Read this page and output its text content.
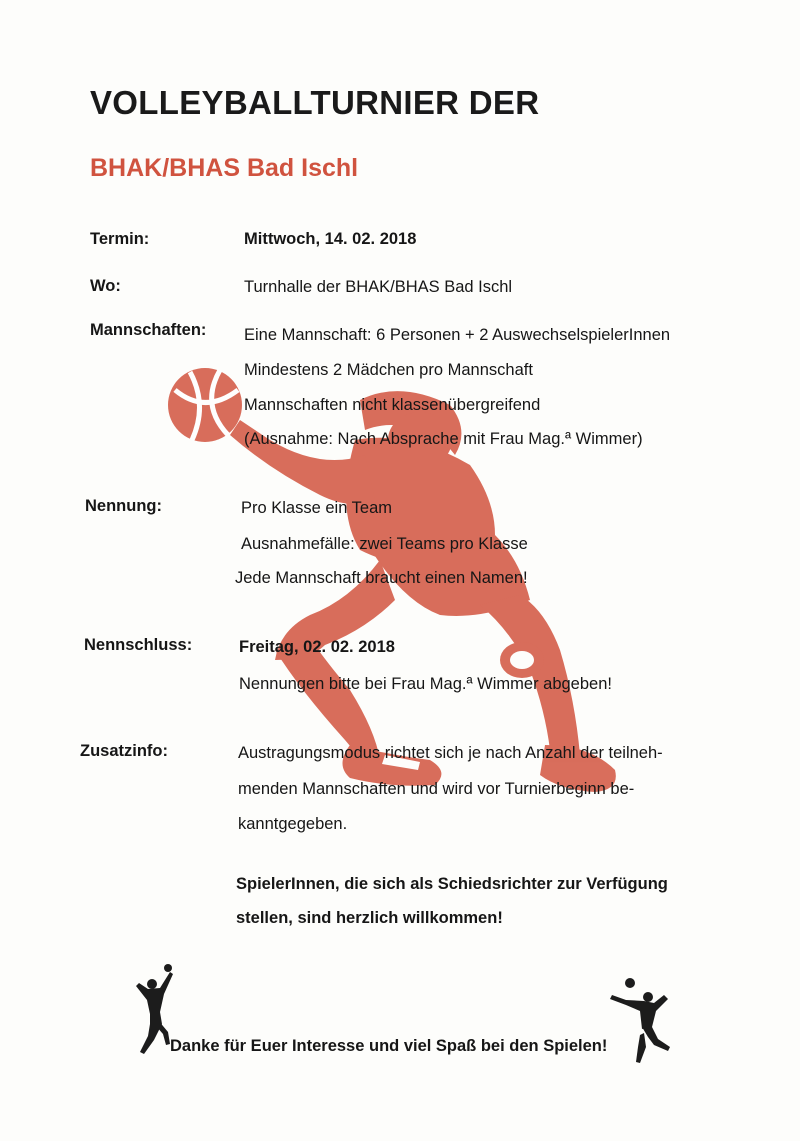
VOLLEYBALLTURNIER DER
BHAK/BHAS Bad Ischl
Termin:	Mittwoch, 14. 02. 2018
Wo:	Turnhalle der BHAK/BHAS Bad Ischl
Mannschaften: Eine Mannschaft: 6 Personen + 2 AuswechselspielerInnen
Mindestens 2 Mädchen pro Mannschaft
Mannschaften nicht klassenübergreifend
(Ausnahme: Nach Absprache mit Frau Mag.ª Wimmer)
Nennung:	Pro Klasse ein Team
Ausnahmefälle: zwei Teams pro Klasse
Jede Mannschaft braucht einen Namen!
Nennschluss:	Freitag, 02. 02. 2018
Nennungen bitte bei Frau Mag.ª Wimmer abgeben!
Zusatzinfo:	Austragungsmodus richtet sich je nach Anzahl der teilneh-
menden Mannschaften und wird vor Turnierbeginn be-
kanntgegeben.
SpielerInnen, die sich als Schiedsrichter zur Verfügung
stellen, sind herzlich willkommen!
Danke für Euer Interesse und viel Spaß bei den Spielen!
